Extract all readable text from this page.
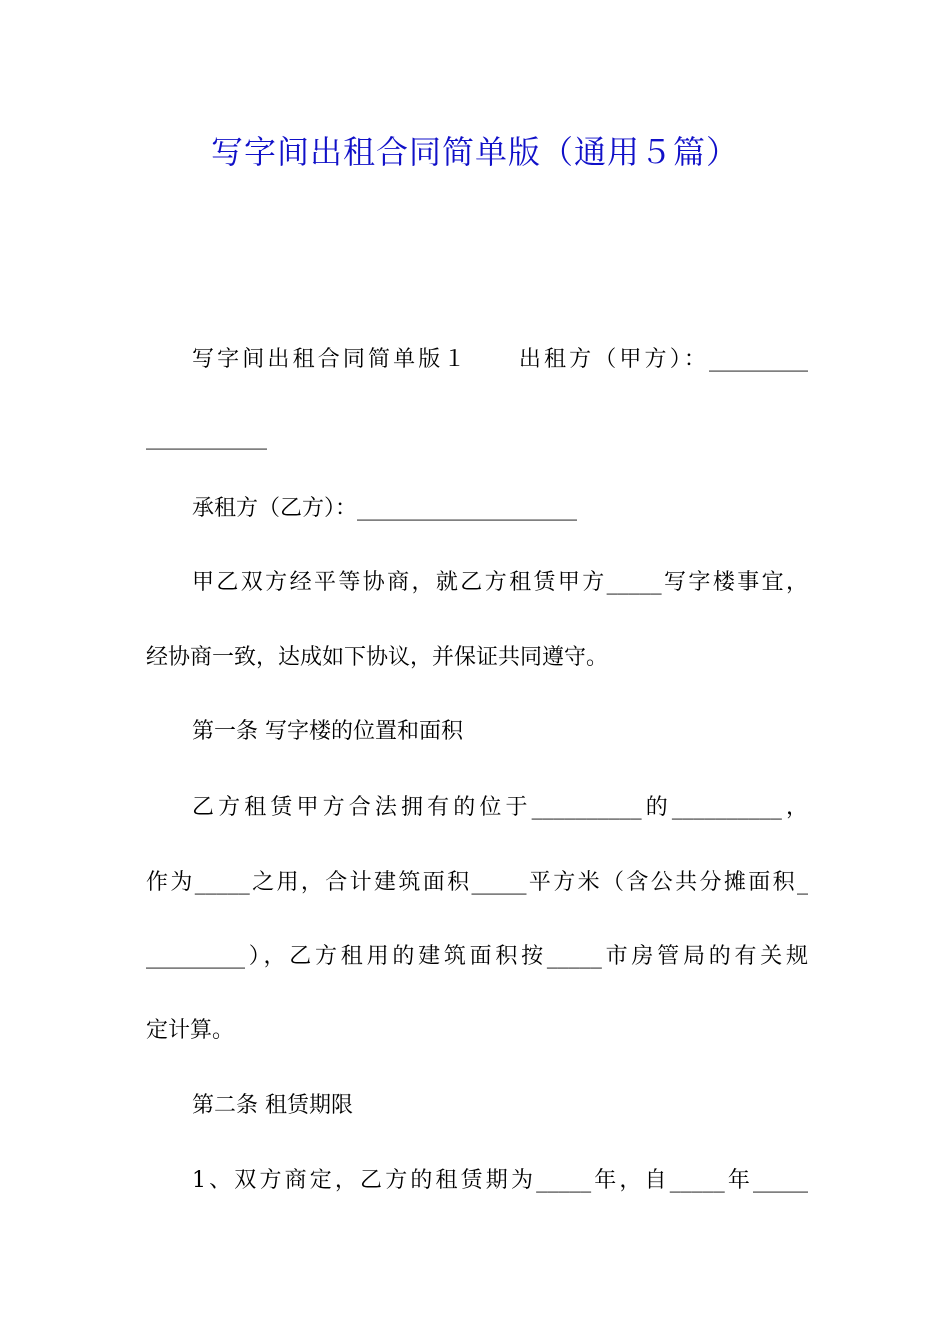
写字间出租合同简单版（通用５篇）
写字间出租合同简单版１　　出租方（甲方）：_________
___________
承租方（乙方）：____________________
甲乙双方经平等协商，就乙方租赁甲方_____写字楼事宜，
经协商一致，达成如下协议，并保证共同遵守。
第一条 写字楼的位置和面积
乙方租赁甲方合法拥有的位于__________的__________，
作为_____之用，合计建筑面积_____平方米（含公共分摊面积_
_________），乙方租用的建筑面积按_____市房管局的有关规
定计算。
第二条 租赁期限
1、双方商定，乙方的租赁期为_____年，自_____年_____
